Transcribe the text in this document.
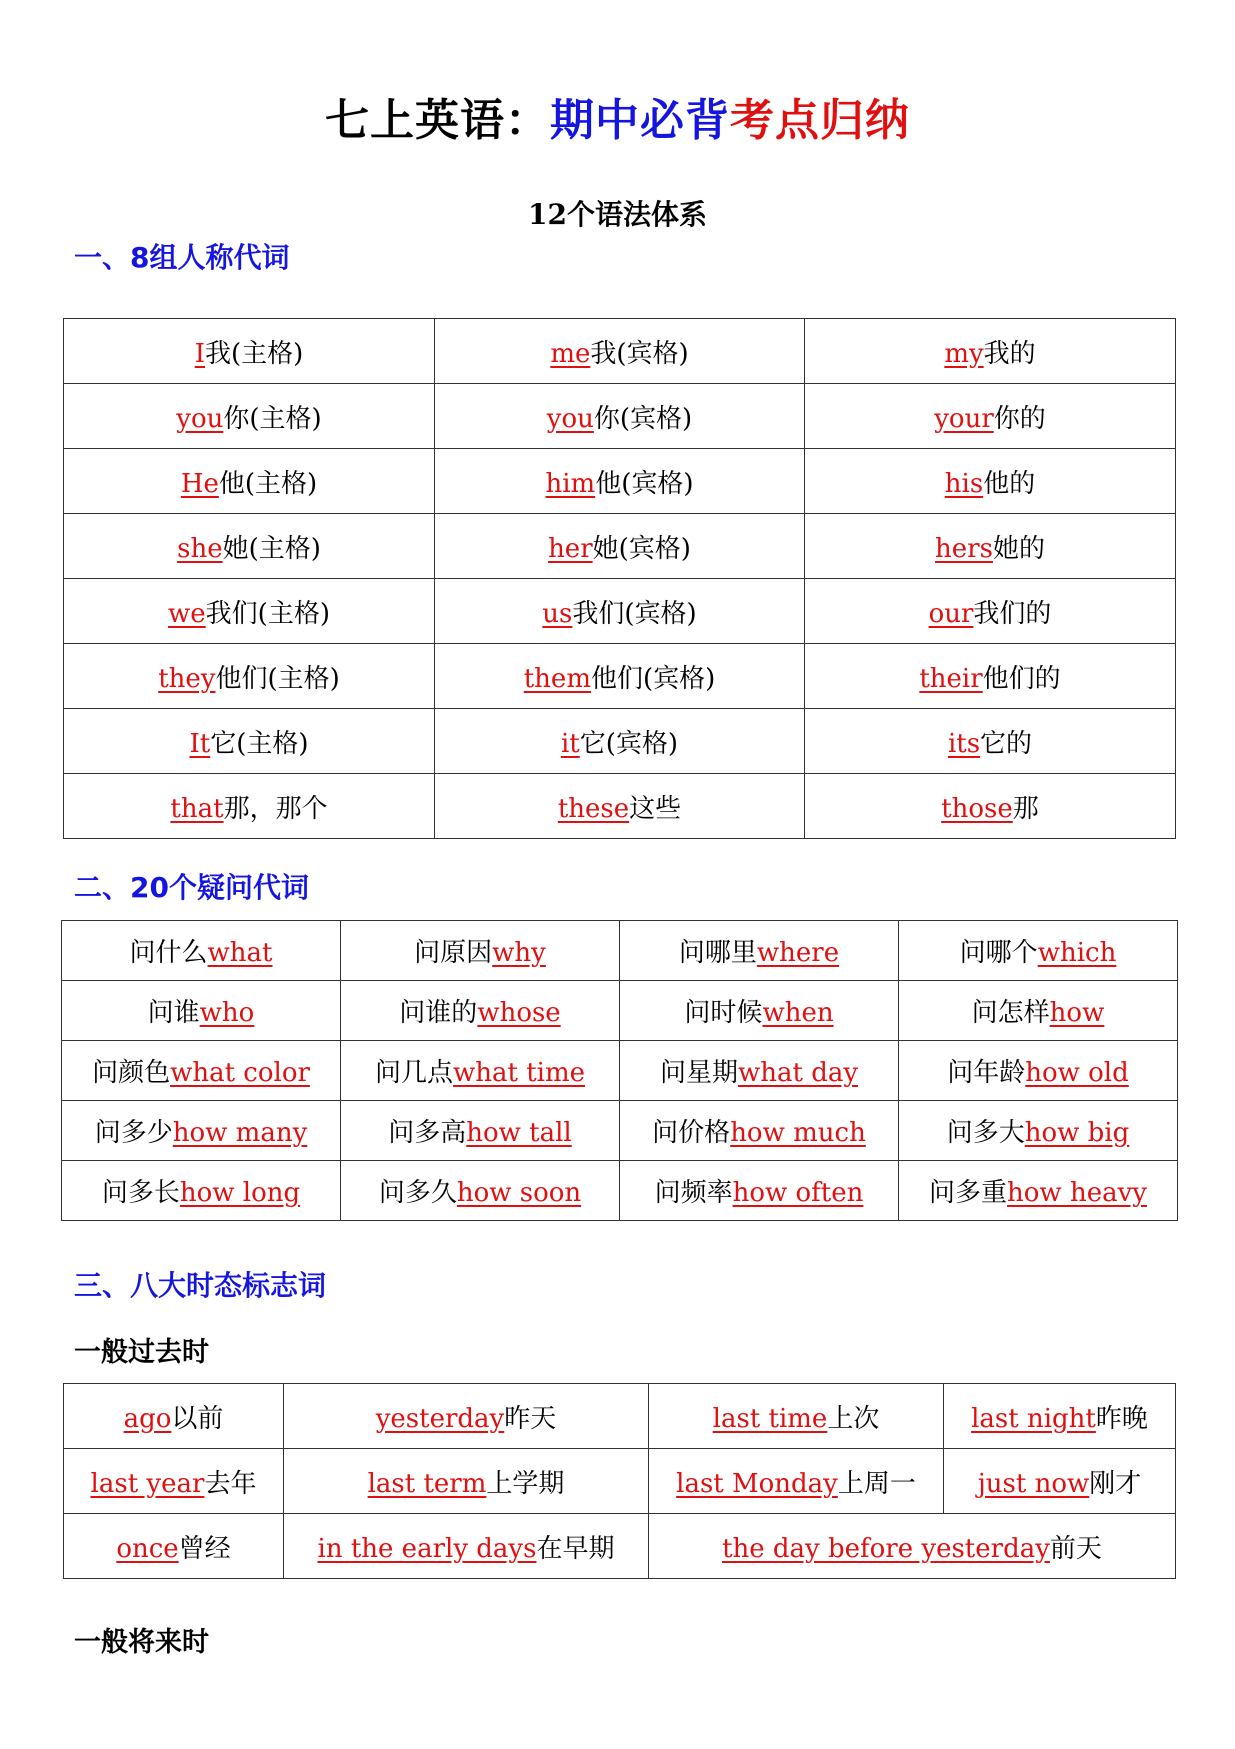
七上英语：期中必背考点归纳
12个语法体系
一、8组人称代词
I我(主格)	me我(宾格)	my我的
you你(主格)	you你(宾格)	your你的
He他(主格)	him他(宾格)	his他的
she她(主格)	her她(宾格)	hers她的
we我们(主格)	us我们(宾格)	our我们的
they他们(主格)	them他们(宾格)	their他们的
It它(主格)	it它(宾格)	its它的
that那，那个	these这些	those那
二、20个疑问代词
问什么what	问原因why	问哪里where	问哪个which
问谁who	问谁的whose	问时候when	问怎样how
问颜色what color	问几点what time	问星期what day	问年龄how old
问多少how many	问多高how tall	问价格how much	问多大how big
问多长how long	问多久how soon	问频率how often	问多重how heavy
三、八大时态标志词
一般过去时
ago以前	yesterday昨天	last time上次	last night昨晚
last year去年	last term上学期	last Monday上周一	just now刚才
once曾经	in the early days在早期	the day before yesterday前天	
一般将来时
